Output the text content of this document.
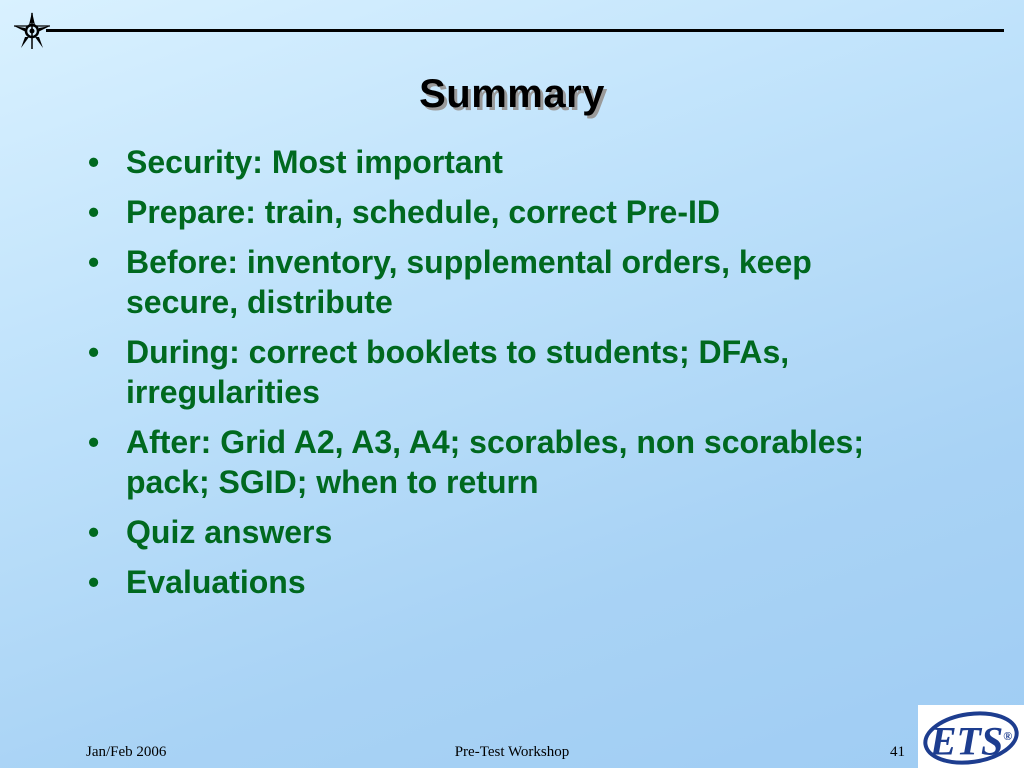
Summary
• Security: Most important
• Prepare: train, schedule, correct Pre-ID
• Before: inventory, supplemental orders, keep secure, distribute
• During: correct booklets to students; DFAs, irregularities
• After: Grid A2, A3, A4; scorables, non scorables; pack; SGID; when to return
• Quiz answers
• Evaluations
Jan/Feb 2006	Pre-Test Workshop	41 ETS®
